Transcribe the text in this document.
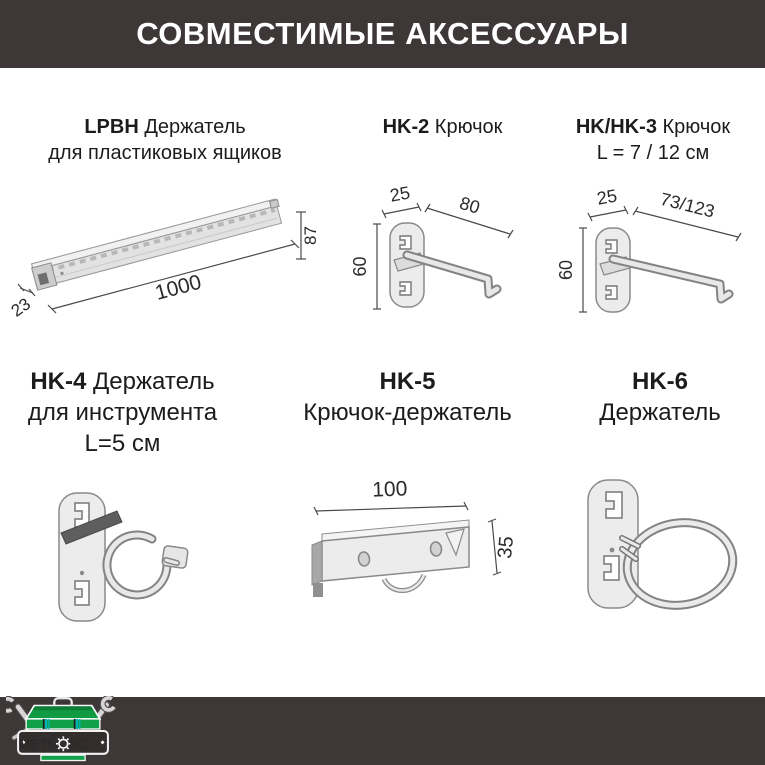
СОВМЕСТИМЫЕ АКСЕССУАРЫ
LPBH Держатель
для пластиковых ящиков
HK-2 Крючок	HK/HK-3 Крючок
L = 7 / 12 см
87
1000
23
60
25	80
60
25 73/123
HK-4 Держатель
для инструмента
L=5 см
HK-5
Крючок-держатель
HK-6
Держатель
100
35
МЕТБ КС
